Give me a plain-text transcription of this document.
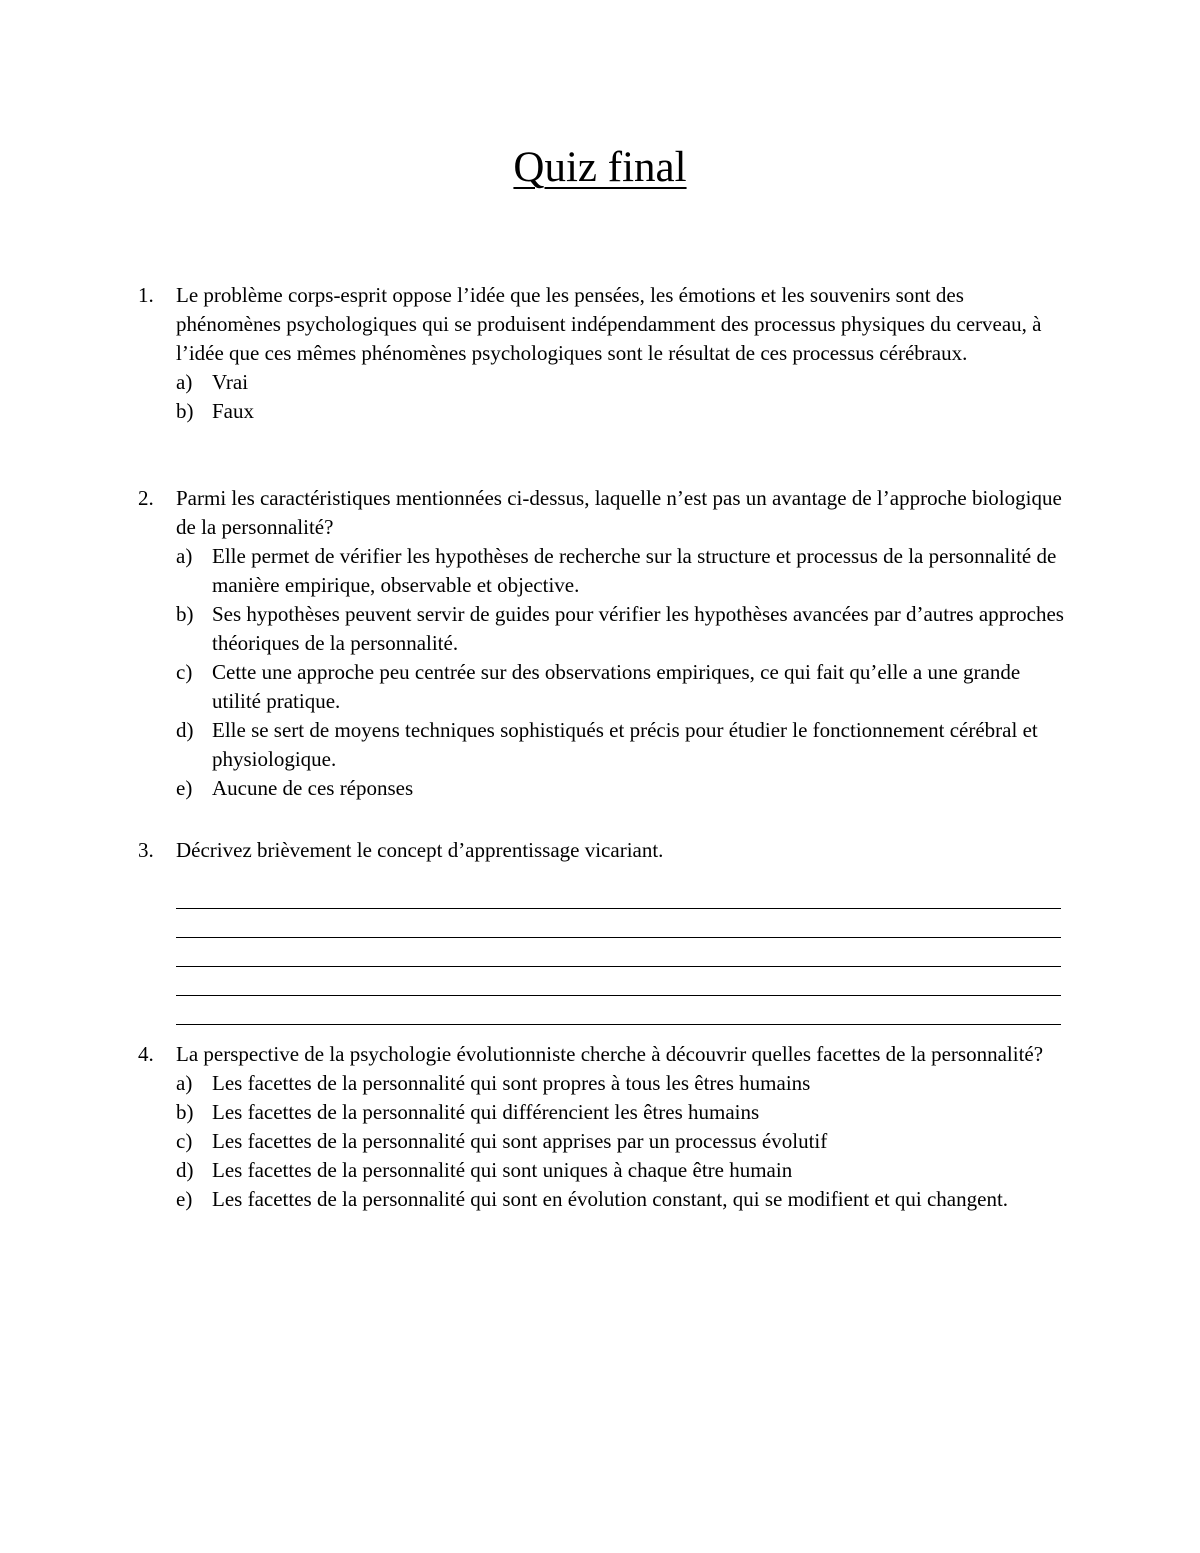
Quiz final
1.	Le problème corps-esprit oppose l’idée que les pensées, les émotions et les souvenirs sont des phénomènes psychologiques qui se produisent indépendamment des processus physiques du cerveau, à l’idée que ces mêmes phénomènes psychologiques sont le résultat de ces processus cérébraux.
a) Vrai
b) Faux
2.	Parmi les caractéristiques mentionnées ci-dessus, laquelle n’est pas un avantage de l’approche biologique de la personnalité?
a) Elle permet de vérifier les hypothèses de recherche sur la structure et processus de la personnalité de manière empirique, observable et objective.
b) Ses hypothèses peuvent servir de guides pour vérifier les hypothèses avancées par d’autres approches théoriques de la personnalité.
c) Cette une approche peu centrée sur des observations empiriques, ce qui fait qu’elle a une grande utilité pratique.
d) Elle se sert de moyens techniques sophistiqués et précis pour étudier le fonctionnement cérébral et physiologique.
e) Aucune de ces réponses
3.	Décrivez brièvement le concept d’apprentissage vicariant.
4.	La perspective de la psychologie évolutionniste cherche à découvrir quelles facettes de la personnalité?
a) Les facettes de la personnalité qui sont propres à tous les êtres humains
b) Les facettes de la personnalité qui différencient les êtres humains
c) Les facettes de la personnalité qui sont apprises par un processus évolutif
d) Les facettes de la personnalité qui sont uniques à chaque être humain
e) Les facettes de la personnalité qui sont en évolution constant, qui se modifient et qui changent.
